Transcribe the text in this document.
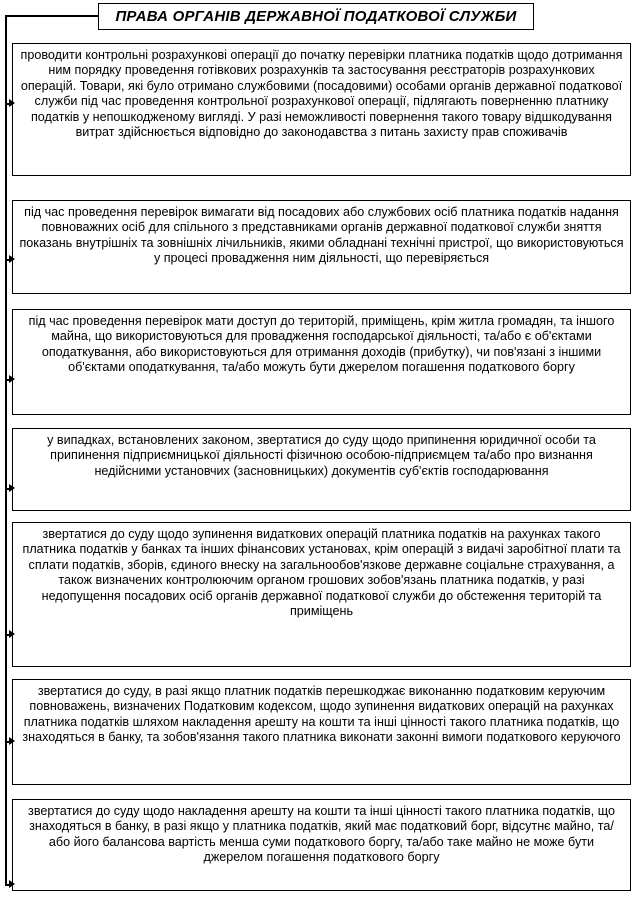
ПРАВА ОРГАНІВ ДЕРЖАВНОЇ ПОДАТКОВОЇ СЛУЖБИ
проводити контрольні розрахункові операції до початку перевірки платника податків щодо дотримання ним порядку проведення готівкових розрахунків та застосування реєстраторів розрахункових операцій. Товари, які було отримано службовими (посадовими) особами органів державної податкової служби під час проведення контрольної розрахункової операції, підлягають поверненню платнику податків у непошкодженому вигляді. У разі неможливості повернення такого товару відшкодування витрат здійснюється відповідно до законодавства з питань захисту прав споживачів
під час проведення перевірок вимагати від посадових або службових осіб платника податків надання повноважних осіб для спільного з представниками органів державної податкової служби зняття показань внутрішніх та зовнішніх лічильників, якими обладнані технічні пристрої, що використовуються у процесі провадження ним діяльності, що перевіряється
під час проведення перевірок мати доступ до територій, приміщень, крім житла громадян, та іншого майна, що використовуються для провадження господарської діяльності, та/або є об'єктами оподаткування, або використовуються для отримання доходів (прибутку), чи пов'язані з іншими об'єктами оподаткування, та/або можуть бути джерелом погашення податкового боргу
у випадках, встановлених законом, звертатися до суду щодо припинення юридичної особи та припинення підприємницької діяльності фізичною особою-підприємцем та/або про визнання недійсними установчих (засновницьких) документів суб'єктів господарювання
звертатися до суду щодо зупинення видаткових операцій платника податків на рахунках такого платника податків у банках та інших фінансових установах, крім операцій з видачі заробітної плати та сплати податків, зборів, єдиного внеску на загальнообов'язкове державне соціальне страхування, а також визначених контролюючим органом грошових зобов'язань платника податків, у разі недопущення посадових осіб органів державної податкової служби до обстеження територій та приміщень
звертатися до суду, в разі якщо платник податків перешкоджає виконанню податковим керуючим повноважень, визначених Податковим кодексом, щодо зупинення видаткових операцій на рахунках платника податків шляхом накладення арешту на кошти та інші цінності такого платника податків, що знаходяться в банку, та зобов'язання такого платника виконати законні вимоги податкового керуючого
звертатися до суду щодо накладення арешту на кошти та інші цінності такого платника податків, що знаходяться в банку, в разі якщо у платника податків, який має податковий борг, відсутнє майно, та/або його балансова вартість менша суми податкового боргу, та/або таке майно не може бути джерелом погашення податкового боргу
